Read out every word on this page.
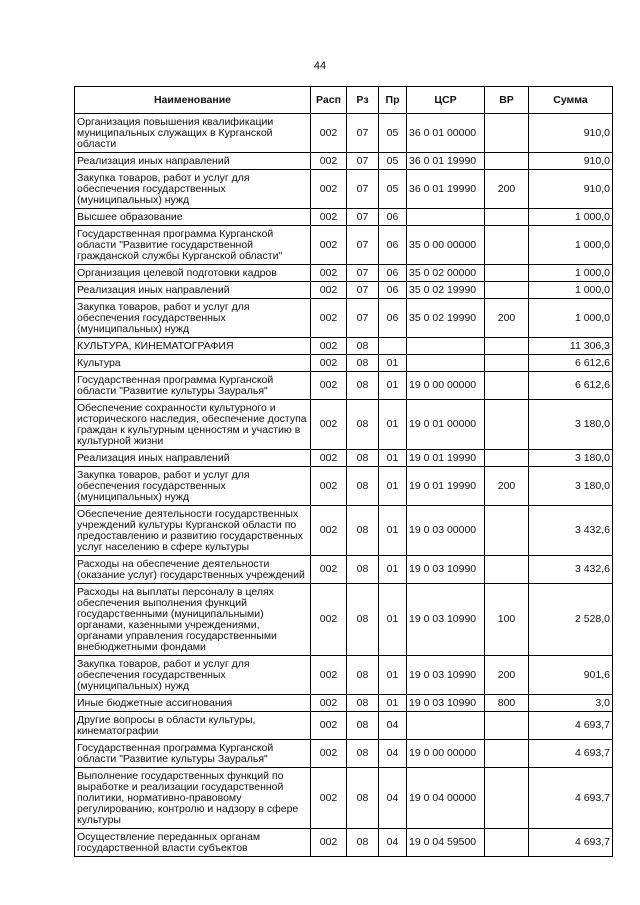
44
Наименование	Расп	Рз	Пр	ЦСР	ВР	Сумма
Организация повышения квалификации муниципальных служащих в Курганской области	002	07	05	36 0 01 00000		910,0
Реализация иных направлений	002	07	05	36 0 01 19990		910,0
Закупка товаров, работ и услуг для обеспечения государственных (муниципальных) нужд	002	07	05	36 0 01 19990	200	910,0
Высшее образование	002	07	06			1 000,0
Государственная программа Курганской области "Развитие государственной гражданской службы Курганской области"	002	07	06	35 0 00 00000		1 000,0
Организация целевой подготовки кадров	002	07	06	35 0 02 00000		1 000,0
Реализация иных направлений	002	07	06	35 0 02 19990		1 000,0
Закупка товаров, работ и услуг для обеспечения государственных (муниципальных) нужд	002	07	06	35 0 02 19990	200	1 000,0
КУЛЬТУРА, КИНЕМАТОГРАФИЯ	002	08				11 306,3
Культура	002	08	01			6 612,6
Государственная программа Курганской области "Развитие культуры Зауралья"	002	08	01	19 0 00 00000		6 612,6
Обеспечение сохранности культурного и исторического наследия, обеспечение доступа граждан к культурным ценностям и участию в культурной жизни	002	08	01	19 0 01 00000		3 180,0
Реализация иных направлений	002	08	01	19 0 01 19990		3 180,0
Закупка товаров, работ и услуг для обеспечения государственных (муниципальных) нужд	002	08	01	19 0 01 19990	200	3 180,0
Обеспечение деятельности государственных учреждений культуры Курганской области по предоставлению и развитию государственных услуг населению в сфере культуры	002	08	01	19 0 03 00000		3 432,6
Расходы на обеспечение деятельности (оказание услуг) государственных учреждений	002	08	01	19 0 03 10990		3 432,6
Расходы на выплаты персоналу в целях обеспечения выполнения функций государственными (муниципальными) органами, казенными учреждениями, органами управления государственными внебюджетными фондами	002	08	01	19 0 03 10990	100	2 528,0
Закупка товаров, работ и услуг для обеспечения государственных (муниципальных) нужд	002	08	01	19 0 03 10990	200	901,6
Иные бюджетные ассигнования	002	08	01	19 0 03 10990	800	3,0
Другие вопросы в области культуры, кинематографии	002	08	04			4 693,7
Государственная программа Курганской области "Развитие культуры Зауралья"	002	08	04	19 0 00 00000		4 693,7
Выполнение государственных функций по выработке и реализации государственной политики, нормативно-правовому регулированию, контролю и надзору в сфере культуры	002	08	04	19 0 04 00000		4 693,7
Осуществление переданных органам государственной власти субъектов	002	08	04	19 0 04 59500		4 693,7
